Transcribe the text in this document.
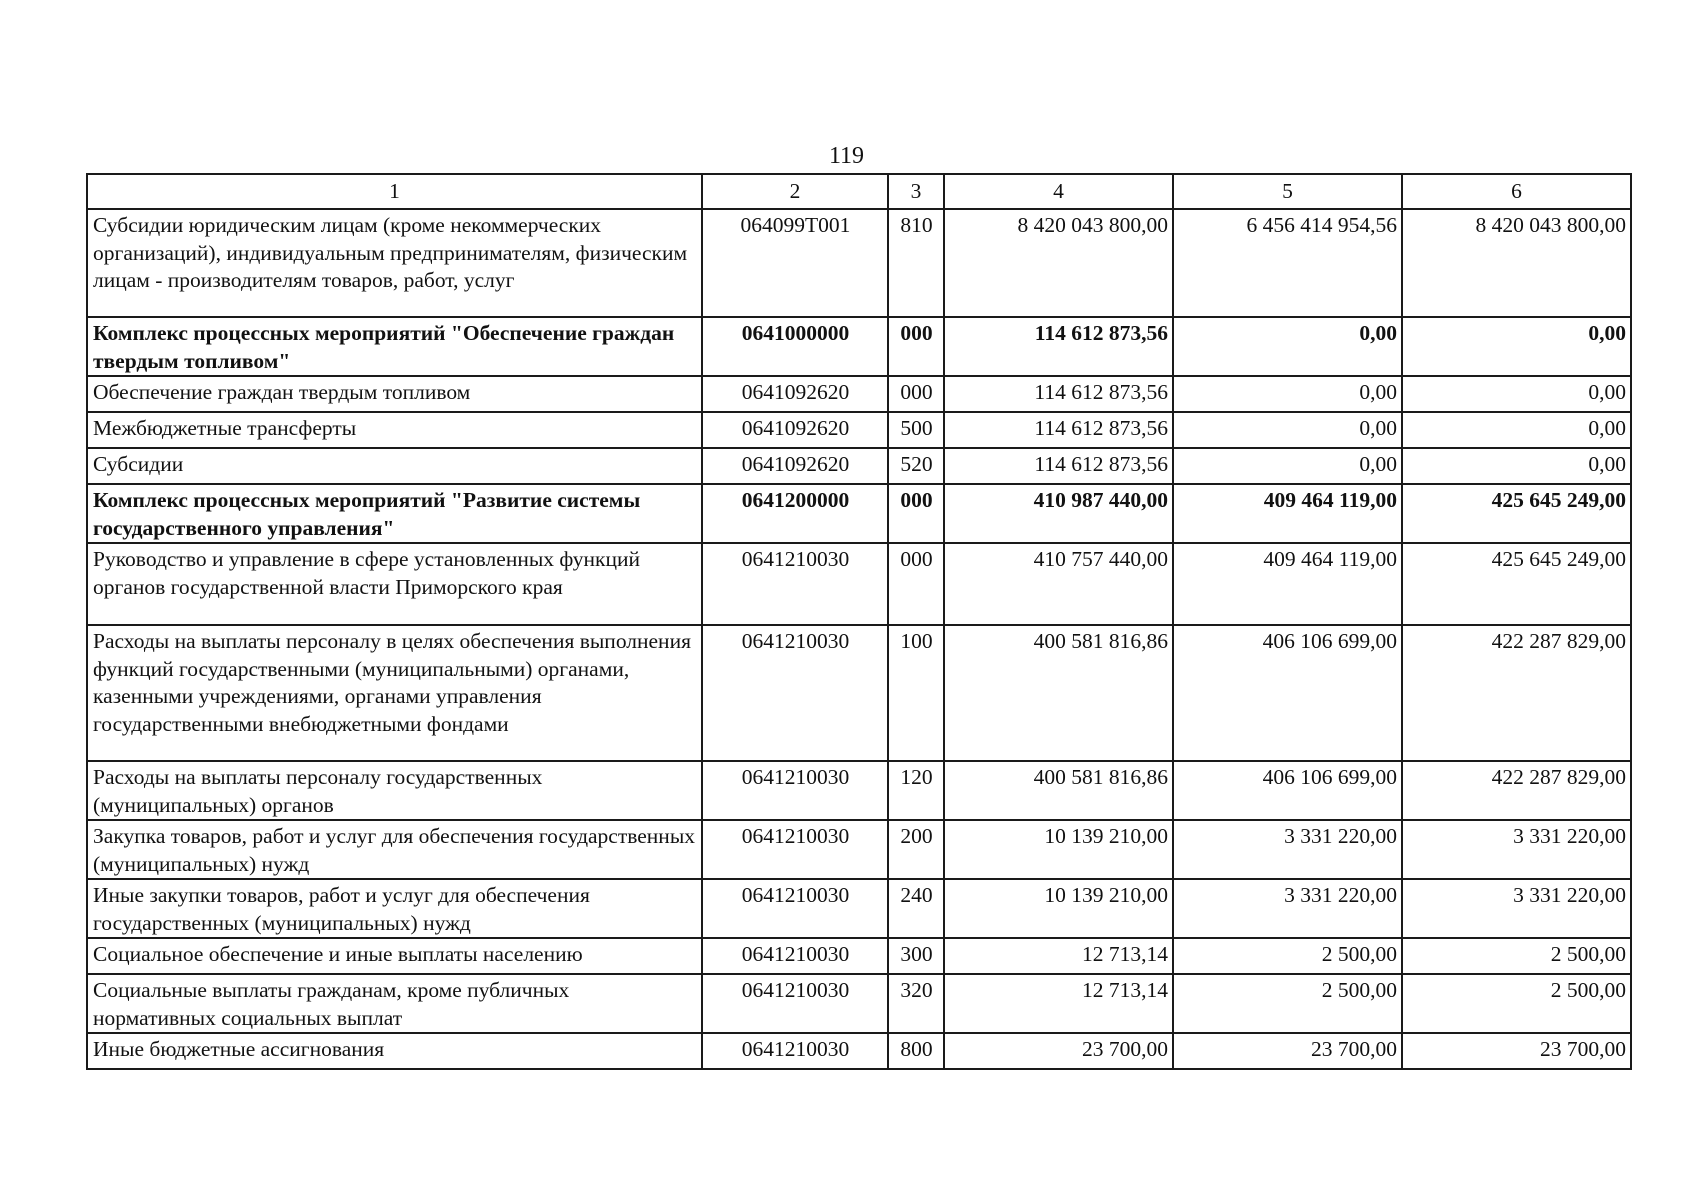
119
1	2	3	4	5	6
Субсидии юридическим лицам (кроме некоммерческих организаций), индивидуальным предпринимателям, физическим лицам - производителям товаров, работ, услуг	064099Т001	810	8 420 043 800,00	6 456 414 954,56	8 420 043 800,00
Комплекс процессных мероприятий "Обеспечение граждан твердым топливом"	0641000000	000	114 612 873,56	0,00	0,00
Обеспечение граждан твердым топливом	0641092620	000	114 612 873,56	0,00	0,00
Межбюджетные трансферты	0641092620	500	114 612 873,56	0,00	0,00
Субсидии	0641092620	520	114 612 873,56	0,00	0,00
Комплекс процессных мероприятий "Развитие системы государственного управления"	0641200000	000	410 987 440,00	409 464 119,00	425 645 249,00
Руководство и управление в сфере установленных функций органов государственной власти Приморского края	0641210030	000	410 757 440,00	409 464 119,00	425 645 249,00
Расходы на выплаты персоналу в целях обеспечения выполнения функций государственными (муниципальными) органами, казенными учреждениями, органами управления государственными внебюджетными фондами	0641210030	100	400 581 816,86	406 106 699,00	422 287 829,00
Расходы на выплаты персоналу государственных (муниципальных) органов	0641210030	120	400 581 816,86	406 106 699,00	422 287 829,00
Закупка товаров, работ и услуг для обеспечения государственных (муниципальных) нужд	0641210030	200	10 139 210,00	3 331 220,00	3 331 220,00
Иные закупки товаров, работ и услуг для обеспечения государственных (муниципальных) нужд	0641210030	240	10 139 210,00	3 331 220,00	3 331 220,00
Социальное обеспечение и иные выплаты населению	0641210030	300	12 713,14	2 500,00	2 500,00
Социальные выплаты гражданам, кроме публичных нормативных социальных выплат	0641210030	320	12 713,14	2 500,00	2 500,00
Иные бюджетные ассигнования	0641210030	800	23 700,00	23 700,00	23 700,00
